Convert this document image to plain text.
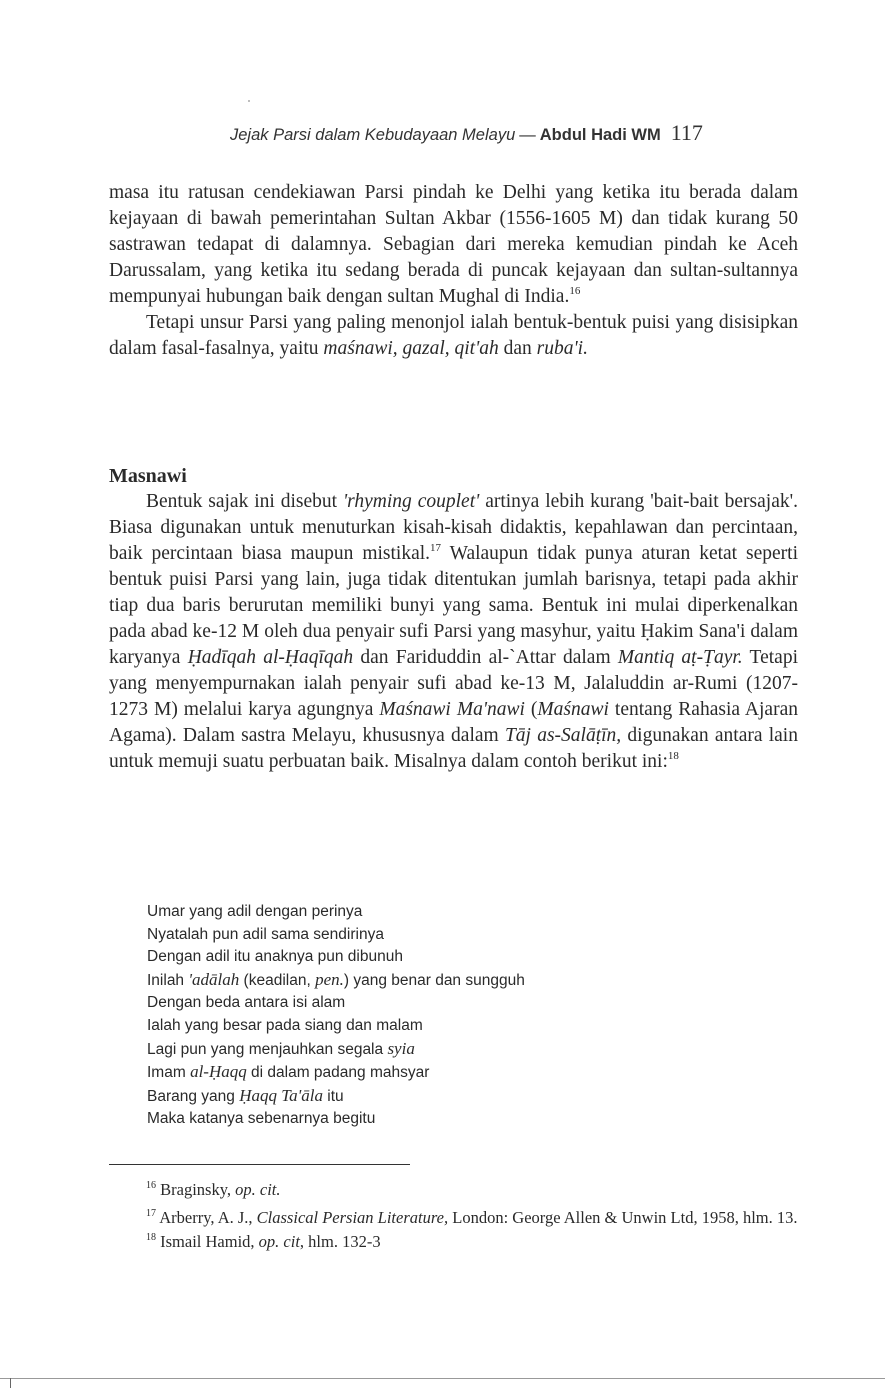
Jejak Parsi dalam Kebudayaan Melayu — Abdul Hadi WM 117

masa itu ratusan cendekiawan Parsi pindah ke Delhi yang ketika itu berada dalam kejayaan di bawah pemerintahan Sultan Akbar (1556-1605 M) dan tidak kurang 50 sastrawan tedapat di dalamnya. Sebagian dari mereka kemudian pindah ke Aceh Darussalam, yang ketika itu sedang berada di puncak kejayaan dan sultan-sultannya mempunyai hubungan baik dengan sultan Mughal di India.$^{16}$

Tetapi unsur Parsi yang paling menonjol ialah bentuk-bentuk puisi yang disisipkan dalam fasal-fasalnya, yaitu maśnawi, gazal, qit'ah dan ruba'i.

Masnawi

Bentuk sajak ini disebut 'rhyming couplet' artinya lebih kurang 'bait-bait bersajak'. Biasa digunakan untuk menuturkan kisah-kisah didaktis, kepahlawan dan percintaan, baik percintaan biasa maupun mistikal.$^{17}$ Walaupun tidak punya aturan ketat seperti bentuk puisi Parsi yang lain, juga tidak ditentukan jumlah barisnya, tetapi pada akhir tiap dua baris berurutan memiliki bunyi yang sama. Bentuk ini mulai diperkenalkan pada abad ke-12 M oleh dua penyair sufi Parsi yang masyhur, yaitu Ḥakim Sana'i dalam karyanya Ḥadīqah al-Ḥaqīqah dan Fariduddin al-`Attar dalam Mantiq aṭ-Ṭayr. Tetapi yang menyempurnakan ialah penyair sufi abad ke-13 M, Jalaluddin ar-Rumi (1207-1273 M) melalui karya agungnya Maśnawi Ma'nawi (Maśnawi tentang Rahasia Ajaran Agama). Dalam sastra Melayu, khususnya dalam Tāj as-Salāṭīn, digunakan antara lain untuk memuji suatu perbuatan baik. Misalnya dalam contoh berikut ini:$^{18}$

Umar yang adil dengan perinya
Nyatalah pun adil sama sendirinya
Dengan adil itu anaknya pun dibunuh
Inilah 'adālah (keadilan, pen.) yang benar dan sungguh
Dengan beda antara isi alam
Ialah yang besar pada siang dan malam
Lagi pun yang menjauhkan segala syia
Imam al-Ḥaqq di dalam padang mahsyar
Barang yang Ḥaqq Ta'āla itu
Maka katanya sebenarnya begitu

$^{16}$ Braginsky, op. cit.

$^{17}$ Arberry, A. J., Classical Persian Literature, London: George Allen & Unwin Ltd, 1958, hlm. 13.

$^{18}$ Ismail Hamid, op. cit, hlm. 132-3
